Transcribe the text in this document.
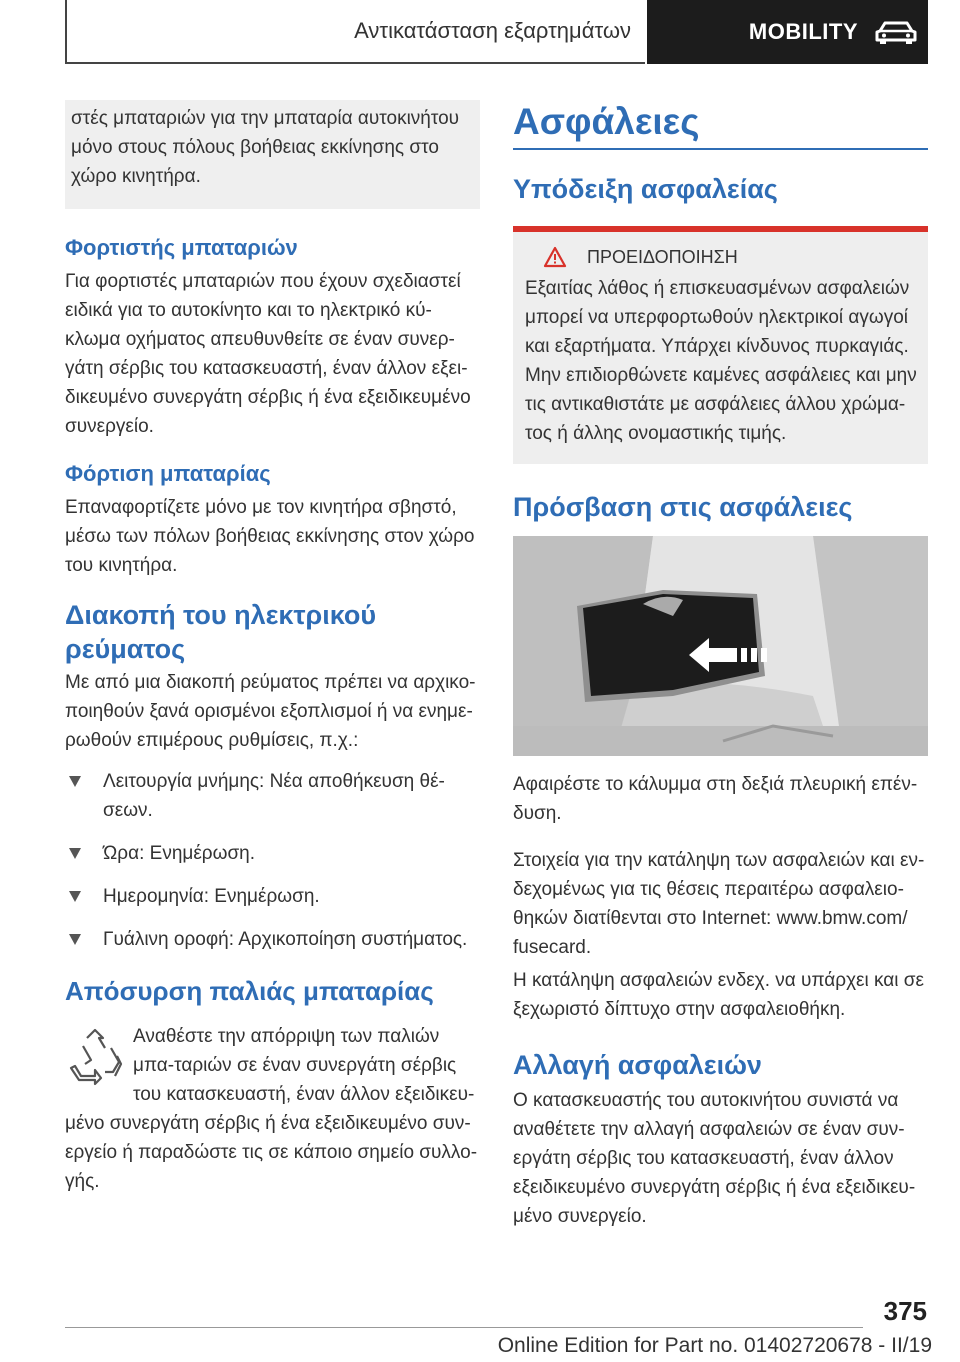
Αντικατάσταση εξαρτημάτων	MOBILITY
στές μπαταριών για την μπαταρία αυτοκινήτου μόνο στους πόλους βοήθειας εκκίνησης στο χώρο κινητήρα.
Φορτιστής μπαταριών

Για φορτιστές μπαταριών που έχουν σχεδιαστεί ειδικά για το αυτοκίνητο και το ηλεκτρικό κύ-κλωμα οχήματος απευθυνθείτε σε έναν συνερ-γάτη σέρβις του κατασκευαστή, έναν άλλον εξει-δικευμένο συνεργάτη σέρβις ή ένα εξειδικευμένο συνεργείο.

Φόρτιση μπαταρίας

Επαναφορτίζετε μόνο με τον κινητήρα σβηστό, μέσω των πόλων βοήθειας εκκίνησης στον χώρο του κινητήρα.

Διακοπή του ηλεκτρικού ρεύματος

Με από μια διακοπή ρεύματος πρέπει να αρχικο-ποιηθούν ξανά ορισμένοι εξοπλισμοί ή να ενημε-ρωθούν επιμέρους ρυθμίσεις, π.χ.:

Λειτουργία μνήμης: Νέα αποθήκευση θέ-σεων.
Ώρα: Ενημέρωση.
Ημερομηνία: Ενημέρωση.
Γυάλινη οροφή: Αρχικοποίηση συστήματος.
Απόσυρση παλιάς μπαταρίας

Αναθέστε την απόρριψη των παλιών μπα-ταριών σε έναν συνεργάτη σέρβις του κατασκευαστή, έναν άλλον εξειδικευ-μένο συνεργάτη σέρβις ή ένα εξειδικευμένο συν-εργείο ή παραδώστε τις σε κάποιο σημείο συλλο-γής.

Ασφάλειες
Υπόδειξη ασφαλείας
ΠΡΟΕΙΔΟΠΟΙΗΣΗ

Εξαιτίας λάθος ή επισκευασμένων ασφαλειών μπορεί να υπερφορτωθούν ηλεκτρικοί αγωγοί και εξαρτήματα. Υπάρχει κίνδυνος πυρκαγιάς. Μην επιδιορθώνετε καμένες ασφάλειες και μην τις αντικαθιστάτε με ασφάλειες άλλου χρώμα-τος ή άλλης ονομαστικής τιμής.

Πρόσβαση στις ασφάλειες

Αφαιρέστε το κάλυμμα στη δεξιά πλευρική επέν-δυση.

Στοιχεία για την κατάληψη των ασφαλειών και εν-δεχομένως για τις θέσεις περαιτέρω ασφαλειο-θηκών διατίθενται στο Internet: www.bmw.com/ fusecard.

Η κατάληψη ασφαλειών ενδεχ. να υπάρχει και σε ξεχωριστό δίπτυχο στην ασφαλειοθήκη.

Αλλαγή ασφαλειών

Ο κατασκευαστής του αυτοκινήτου συνιστά να αναθέτετε την αλλαγή ασφαλειών σε έναν συν-εργάτη σέρβις του κατασκευαστή, έναν άλλον εξειδικευμένο συνεργάτη σέρβις ή ένα εξειδικευ-μένο συνεργείο.

375
Online Edition for Part no. 01402720678 - II/19
